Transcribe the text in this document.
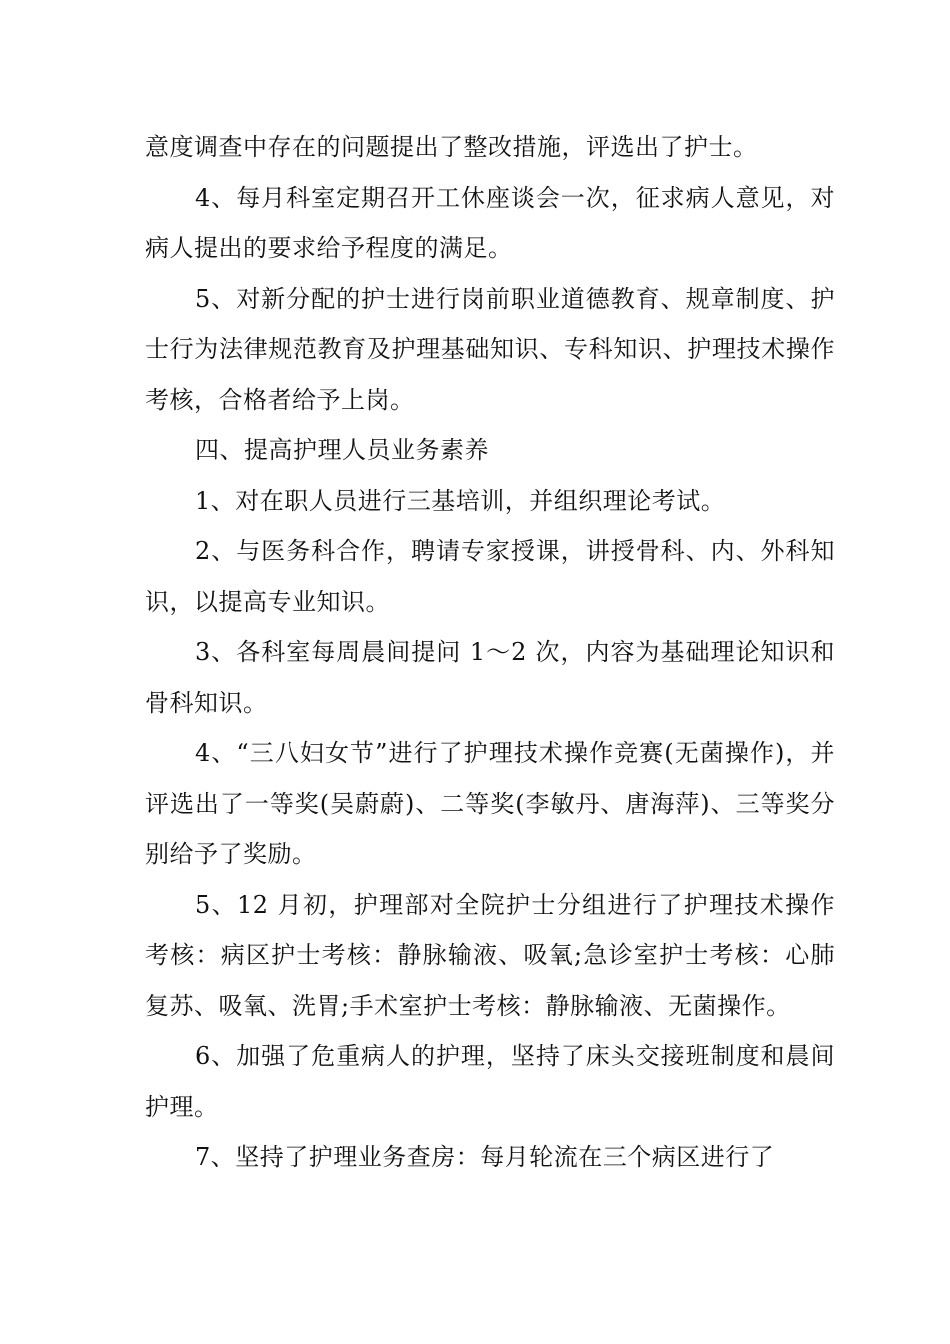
意度调查中存在的问题提出了整改措施，评选出了护士。

4、每月科室定期召开工休座谈会一次，征求病人意见，对病人提出的要求给予程度的满足。

5、对新分配的护士进行岗前职业道德教育、规章制度、护士行为法律规范教育及护理基础知识、专科知识、护理技术操作考核，合格者给予上岗。

四、提高护理人员业务素养

1、对在职人员进行三基培训，并组织理论考试。

2、与医务科合作，聘请专家授课，讲授骨科、内、外科知识，以提高专业知识。

3、各科室每周晨间提问 1～2 次，内容为基础理论知识和骨科知识。

4、“三八妇女节”进行了护理技术操作竞赛(无菌操作)，并评选出了一等奖(吴蔚蔚)、二等奖(李敏丹、唐海萍)、三等奖分别给予了奖励。

5、12 月初，护理部对全院护士分组进行了护理技术操作考核：病区护士考核：静脉输液、吸氧;急诊室护士考核：心肺复苏、吸氧、洗胃;手术室护士考核：静脉输液、无菌操作。

6、加强了危重病人的护理，坚持了床头交接班制度和晨间护理。

7、坚持了护理业务查房：每月轮流在三个病区进行了
